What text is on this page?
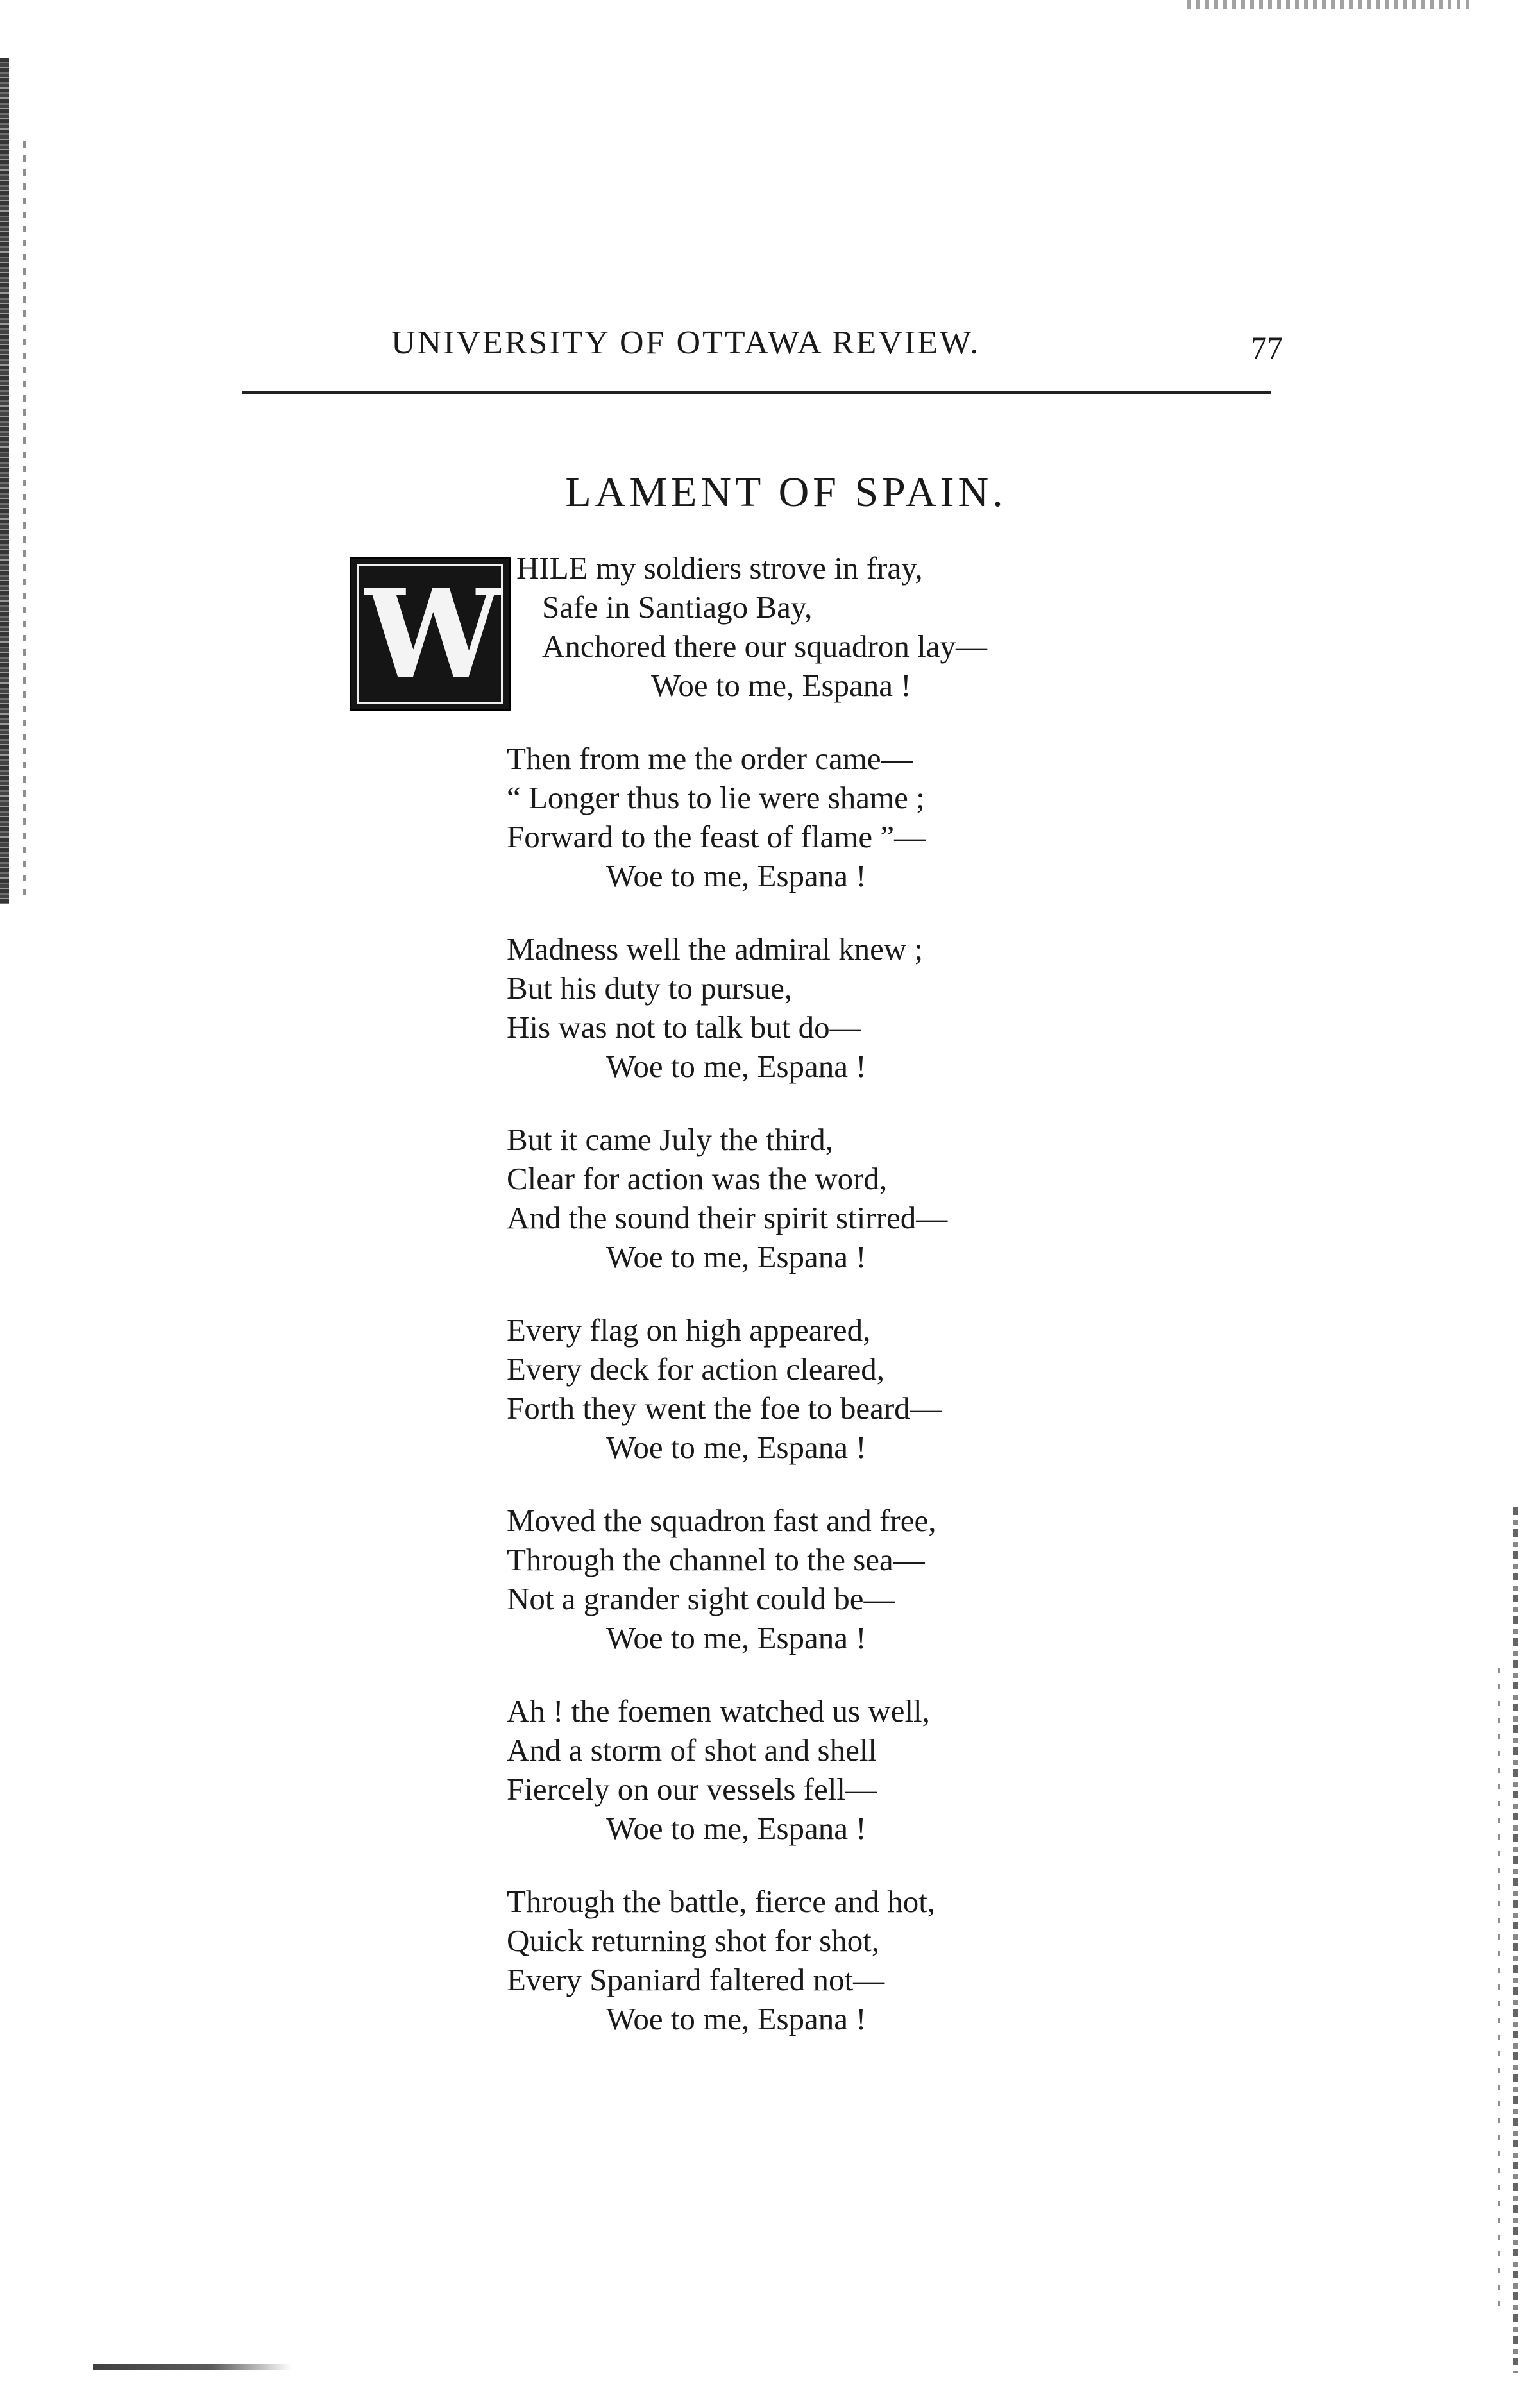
UNIVERSITY OF OTTAWA REVIEW.	77
LAMENT OF SPAIN.
W HILE my soldiers strove in fray,
Safe in Santiago Bay,
Anchored there our squadron lay—
Woe to me, Espana !
Then from me the order came—
“ Longer thus to lie were shame ;
Forward to the feast of flame ”—
Woe to me, Espana !
Madness well the admiral knew ;
But his duty to pursue,
His was not to talk but do—
Woe to me, Espana !
But it came July the third,
Clear for action was the word,
And the sound their spirit stirred—
Woe to me, Espana !
Every flag on high appeared,
Every deck for action cleared,
Forth they went the foe to beard—
Woe to me, Espana !
Moved the squadron fast and free,
Through the channel to the sea—
Not a grander sight could be—
Woe to me, Espana !
Ah ! the foemen watched us well,
And a storm of shot and shell
Fiercely on our vessels fell—
Woe to me, Espana !
Through the battle, fierce and hot,
Quick returning shot for shot,
Every Spaniard faltered not—
Woe to me, Espana !
